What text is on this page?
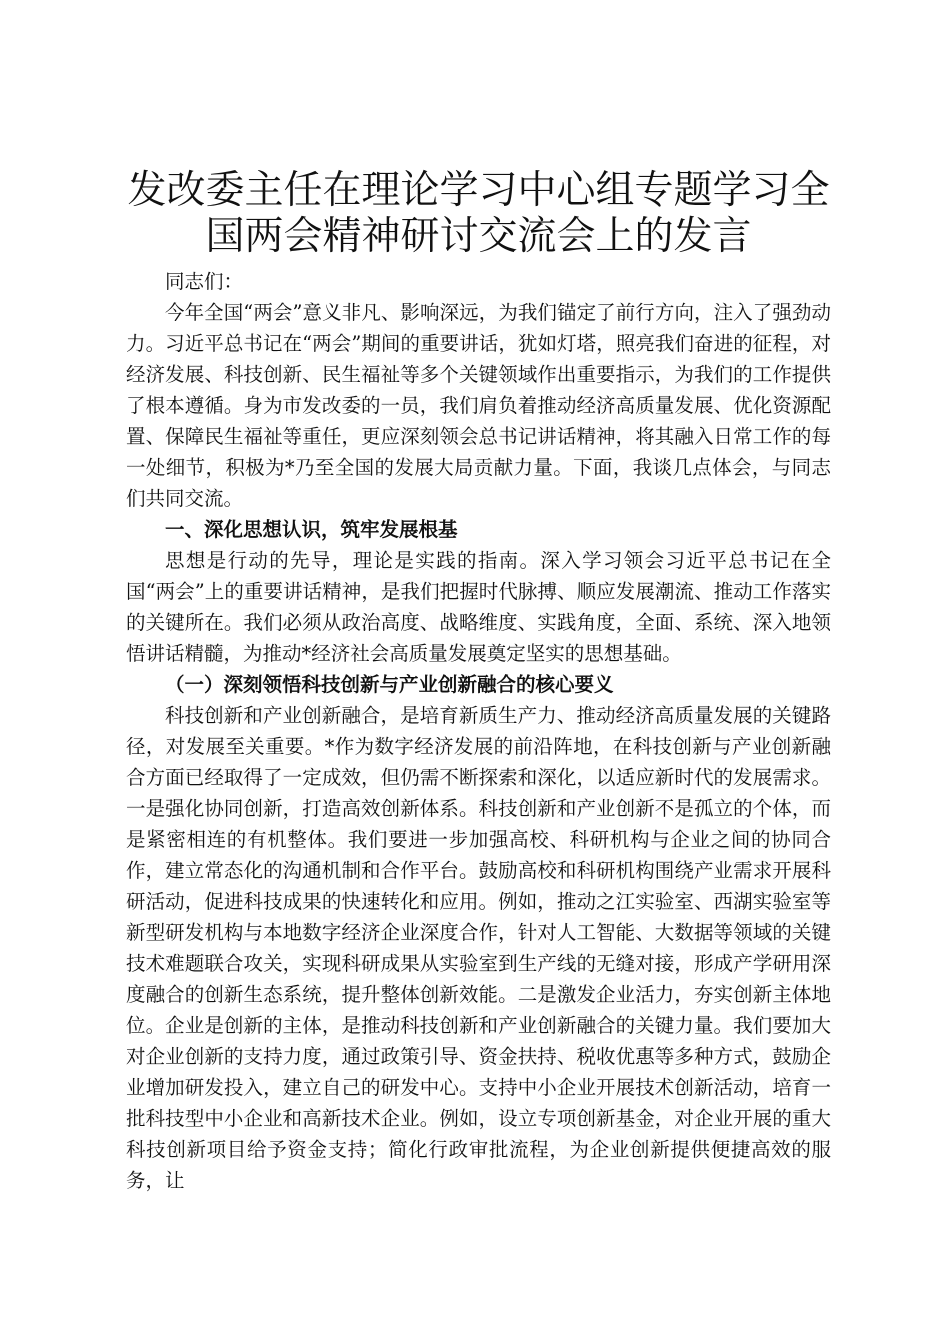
发改委主任在理论学习中心组专题学习全国两会精神研讨交流会上的发言

同志们：

今年全国“两会”意义非凡、影响深远，为我们锚定了前行方向，注入了强劲动力。习近平总书记在“两会”期间的重要讲话，犹如灯塔，照亮我们奋进的征程，对经济发展、科技创新、民生福祉等多个关键领域作出重要指示，为我们的工作提供了根本遵循。身为市发改委的一员，我们肩负着推动经济高质量发展、优化资源配置、保障民生福祉等重任，更应深刻领会总书记讲话精神，将其融入日常工作的每一处细节，积极为*乃至全国的发展大局贡献力量。下面，我谈几点体会，与同志们共同交流。

一、深化思想认识，筑牢发展根基

思想是行动的先导，理论是实践的指南。深入学习领会习近平总书记在全国“两会”上的重要讲话精神，是我们把握时代脉搏、顺应发展潮流、推动工作落实的关键所在。我们必须从政治高度、战略维度、实践角度，全面、系统、深入地领悟讲话精髓，为推动*经济社会高质量发展奠定坚实的思想基础。

（一）深刻领悟科技创新与产业创新融合的核心要义

科技创新和产业创新融合，是培育新质生产力、推动经济高质量发展的关键路径，对发展至关重要。*作为数字经济发展的前沿阵地，在科技创新与产业创新融合方面已经取得了一定成效，但仍需不断探索和深化，以适应新时代的发展需求。一是强化协同创新，打造高效创新体系。科技创新和产业创新不是孤立的个体，而是紧密相连的有机整体。我们要进一步加强高校、科研机构与企业之间的协同合作，建立常态化的沟通机制和合作平台。鼓励高校和科研机构围绕产业需求开展科研活动，促进科技成果的快速转化和应用。例如，推动之江实验室、西湖实验室等新型研发机构与本地数字经济企业深度合作，针对人工智能、大数据等领域的关键技术难题联合攻关，实现科研成果从实验室到生产线的无缝对接，形成产学研用深度融合的创新生态系统，提升整体创新效能。二是激发企业活力，夯实创新主体地位。企业是创新的主体，是推动科技创新和产业创新融合的关键力量。我们要加大对企业创新的支持力度，通过政策引导、资金扶持、税收优惠等多种方式，鼓励企业增加研发投入，建立自己的研发中心。支持中小企业开展技术创新活动，培育一批科技型中小企业和高新技术企业。例如，设立专项创新基金，对企业开展的重大科技创新项目给予资金支持；简化行政审批流程，为企业创新提供便捷高效的服务，让
